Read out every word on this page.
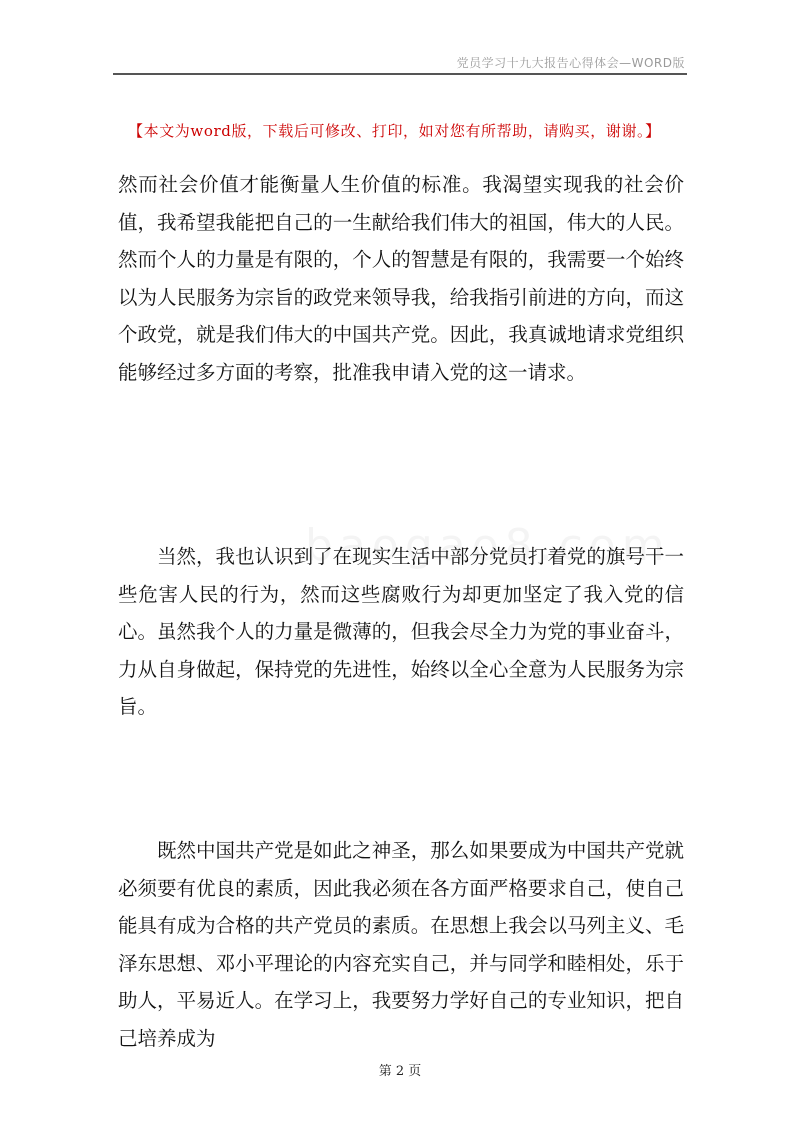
党员学习十九大报告心得体会—WORD版
【本文为word版，下载后可修改、打印，如对您有所帮助，请购买，谢谢。】

然而社会价值才能衡量人生价值的标准。我渴望实现我的社会价值，我希望我能把自己的一生献给我们伟大的祖国，伟大的人民。然而个人的力量是有限的，个人的智慧是有限的，我需要一个始终以为人民服务为宗旨的政党来领导我，给我指引前进的方向，而这个政党，就是我们伟大的中国共产党。因此，我真诚地请求党组织能够经过多方面的考察，批准我申请入党的这一请求。

当然，我也认识到了在现实生活中部分党员打着党的旗号干一些危害人民的行为，然而这些腐败行为却更加坚定了我入党的信心。虽然我个人的力量是微薄的，但我会尽全力为党的事业奋斗，力从自身做起，保持党的先进性，始终以全心全意为人民服务为宗旨。

既然中国共产党是如此之神圣，那么如果要成为中国共产党就必须要有优良的素质，因此我必须在各方面严格要求自己，使自己能具有成为合格的共产党员的素质。在思想上我会以马列主义、毛泽东思想、邓小平理论的内容充实自己，并与同学和睦相处，乐于助人，平易近人。在学习上，我要努力学好自己的专业知识，把自己培养成为

第 2 页
